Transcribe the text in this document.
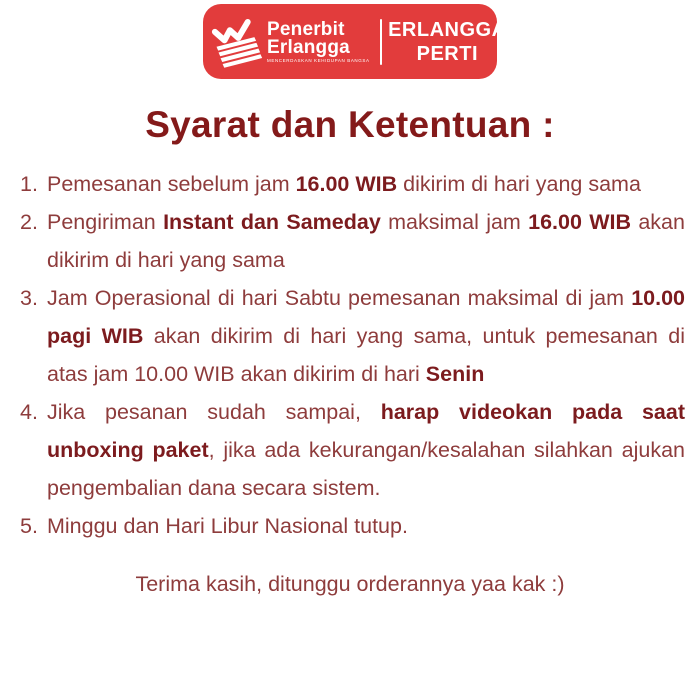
Penerbit
Erlangga
MENCERDASKAN KEHIDUPAN BANGSA
ERLANGGA
PERTI
Syarat dan Ketentuan :
1. Pemesanan sebelum jam 16.00 WIB dikirim di hari yang sama
2. Pengiriman Instant dan Sameday maksimal jam 16.00 WIB akan dikirim di hari yang sama
3. Jam Operasional di hari Sabtu pemesanan maksimal di jam 10.00 pagi WIB akan dikirim di hari yang sama, untuk pemesanan di atas jam 10.00 WIB akan dikirim di hari Senin
4. Jika pesanan sudah sampai, harap videokan pada saat unboxing paket, jika ada kekurangan/kesalahan silahkan ajukan pengembalian dana secara sistem.
5. Minggu dan Hari Libur Nasional tutup.

Terima kasih, ditunggu orderannya yaa kak :)
